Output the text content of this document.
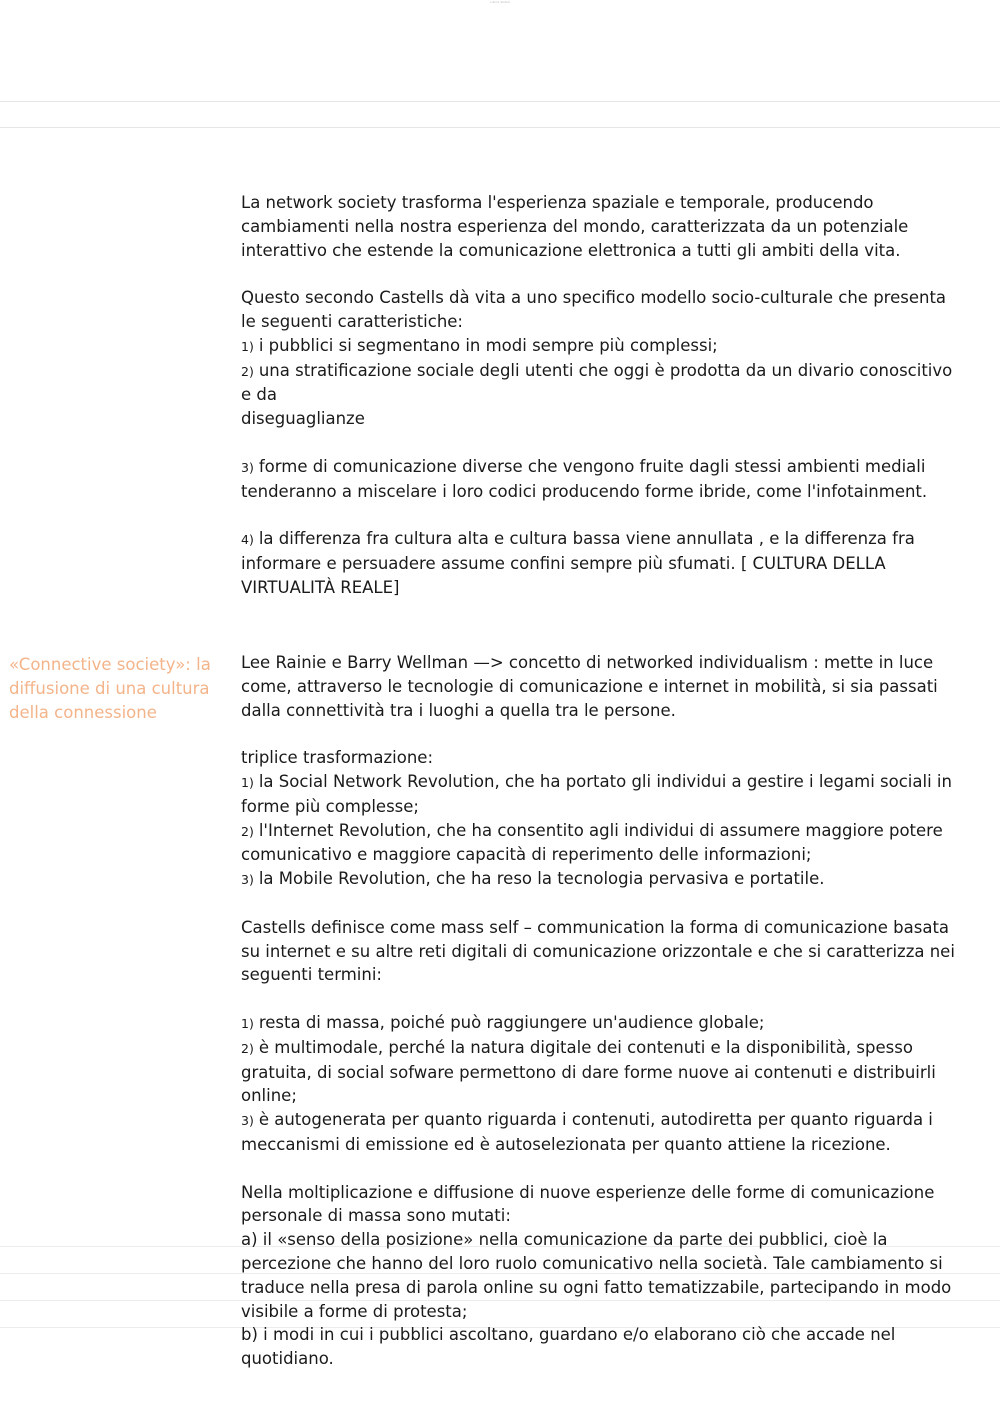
Libro1 Slide3

La network society trasforma l'esperienza spaziale e temporale, producendo cambiamenti nella nostra esperienza del mondo, caratterizzata da un potenziale interattivo che estende la comunicazione elettronica a tutti gli ambiti della vita.

Questo secondo Castells dà vita a uno specifico modello socio-culturale che presenta le seguenti caratteristiche:

1) i pubblici si segmentano in modi sempre più complessi;

2) una stratificazione sociale degli utenti che oggi è prodotta da un divario conoscitivo e da

diseguaglianze

3) forme di comunicazione diverse che vengono fruite dagli stessi ambienti mediali tenderanno a miscelare i loro codici producendo forme ibride, come l'infotainment.

4) la differenza fra cultura alta e cultura bassa viene annullata , e la differenza fra informare e persuadere assume confini sempre più sfumati. [ CULTURA DELLA VIRTUALITÀ REALE]

«Connective society»: la diffusione di una cultura della connessione

Lee Rainie e Barry Wellman —> concetto di networked individualism : mette in luce come, attraverso le tecnologie di comunicazione e internet in mobilità, si sia passati dalla connettività tra i luoghi a quella tra le persone.

triplice trasformazione:

1) la Social Network Revolution, che ha portato gli individui a gestire i legami sociali in forme più complesse;

2) l'Internet Revolution, che ha consentito agli individui di assumere maggiore potere comunicativo e maggiore capacità di reperimento delle informazioni;

3) la Mobile Revolution, che ha reso la tecnologia pervasiva e portatile.

Castells definisce come mass self – communication la forma di comunicazione basata su internet e su altre reti digitali di comunicazione orizzontale e che si caratterizza nei seguenti termini:

1) resta di massa, poiché può raggiungere un'audience globale;

2) è multimodale, perché la natura digitale dei contenuti e la disponibilità, spesso gratuita, di social sofware permettono di dare forme nuove ai contenuti e distribuirli online;

3) è autogenerata per quanto riguarda i contenuti, autodiretta per quanto riguarda i meccanismi di emissione ed è autoselezionata per quanto attiene la ricezione.

Nella moltiplicazione e diffusione di nuove esperienze delle forme di comunicazione personale di massa sono mutati:

a) il «senso della posizione» nella comunicazione da parte dei pubblici, cioè la percezione che hanno del loro ruolo comunicativo nella società. Tale cambiamento si traduce nella presa di parola online su ogni fatto tematizzabile, partecipando in modo visibile a forme di protesta;

b) i modi in cui i pubblici ascoltano, guardano e/o elaborano ciò che accade nel quotidiano.
